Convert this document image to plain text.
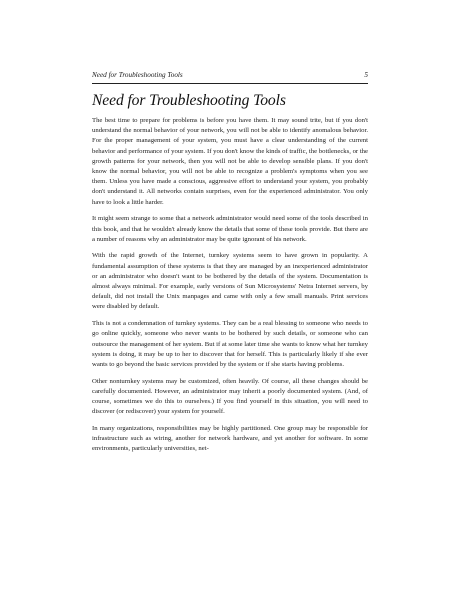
Need for Troubleshooting Tools	5
Need for Troubleshooting Tools

The best time to prepare for problems is before you have them. It may sound trite, but if you don't understand the normal behavior of your network, you will not be able to identify anomalous behavior. For the proper management of your system, you must have a clear understanding of the current behavior and performance of your system. If you don't know the kinds of traffic, the bottlenecks, or the growth patterns for your network, then you will not be able to develop sensible plans. If you don't know the normal behavior, you will not be able to recognize a problem's symptoms when you see them. Unless you have made a conscious, aggressive effort to understand your system, you probably don't understand it. All networks contain surprises, even for the experienced administrator. You only have to look a little harder.

It might seem strange to some that a network administrator would need some of the tools described in this book, and that he wouldn't already know the details that some of these tools provide. But there are a number of reasons why an administrator may be quite ignorant of his network.

With the rapid growth of the Internet, turnkey systems seem to have grown in popularity. A fundamental assumption of these systems is that they are managed by an inexperienced administrator or an administrator who doesn't want to be bothered by the details of the system. Documentation is almost always minimal. For example, early versions of Sun Microsystems' Netra Internet servers, by default, did not install the Unix manpages and came with only a few small manuals. Print services were disabled by default.

This is not a condemnation of turnkey systems. They can be a real blessing to someone who needs to go online quickly, someone who never wants to be bothered by such details, or someone who can outsource the management of her system. But if at some later time she wants to know what her turnkey system is doing, it may be up to her to discover that for herself. This is particularly likely if she ever wants to go beyond the basic services provided by the system or if she starts having problems.

Other nonturnkey systems may be customized, often heavily. Of course, all these changes should be carefully documented. However, an administrator may inherit a poorly documented system. (And, of course, sometimes we do this to ourselves.) If you find yourself in this situation, you will need to discover (or rediscover) your system for yourself.

In many organizations, responsibilities may be highly partitioned. One group may be responsible for infrastructure such as wiring, another for network hardware, and yet another for software. In some environments, particularly universities, net-
